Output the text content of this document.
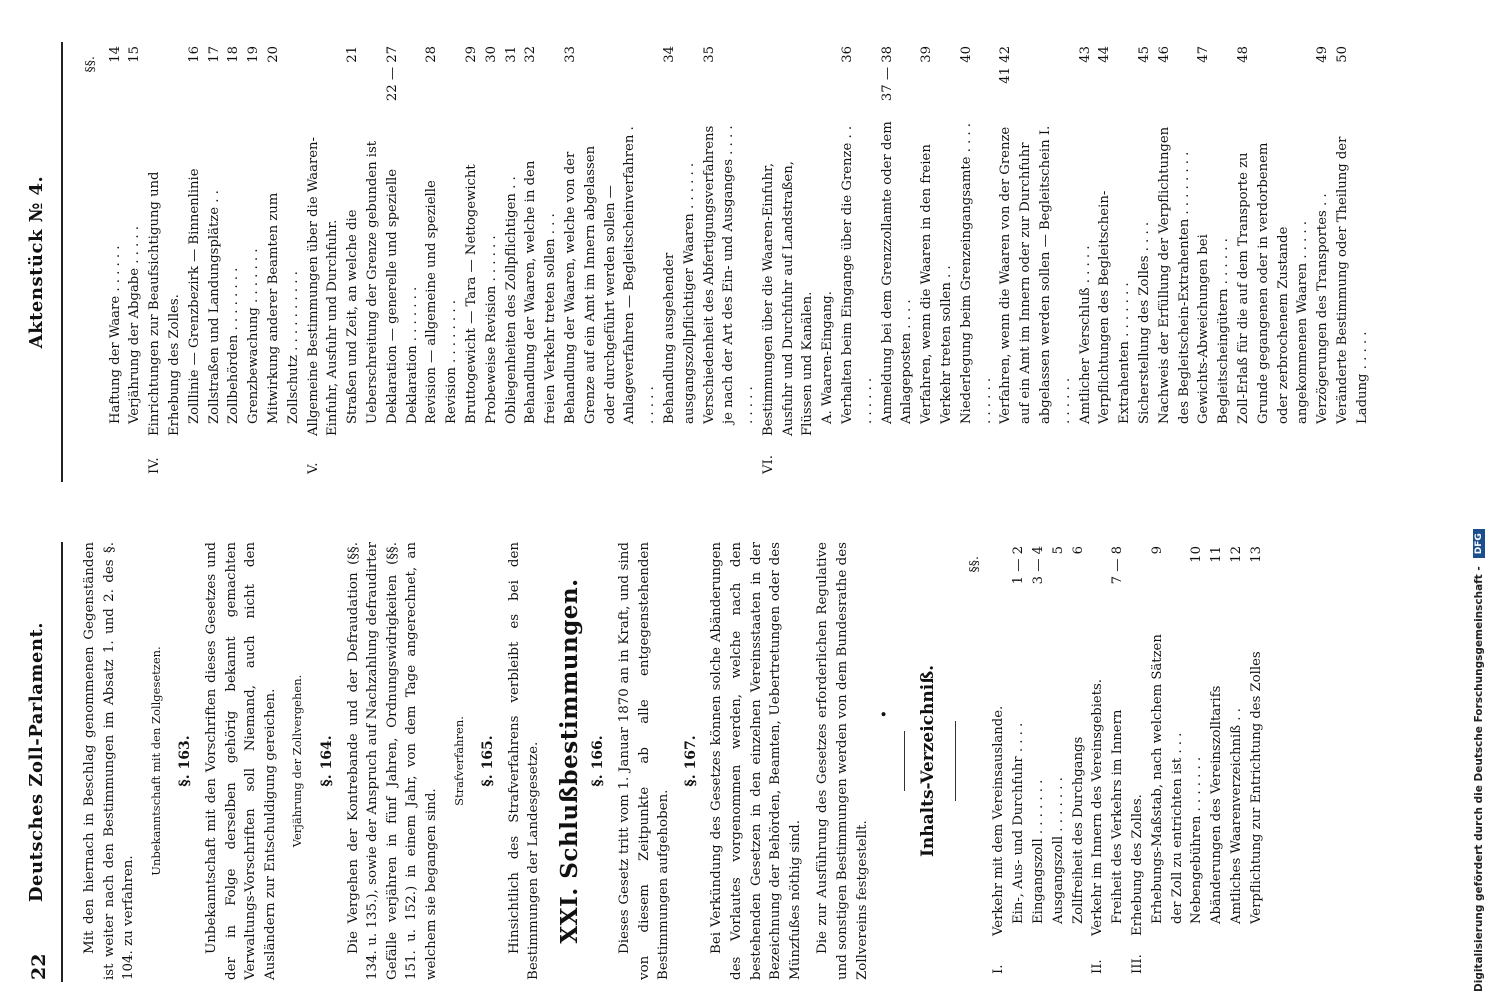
22
Deutsches Zoll-Parlament.	Mit den hiernach in Beschlag genommenen Gegenständen ist weiter nach den Bestimmungen im Absatz 1. und 2. des §. 104. zu verfahren.

Unbekanntschaft mit den Zollgesetzen. §. 163. Unbekanntschaft mit den Vorschriften dieses Gesetzes und der in Folge derselben gehörig bekannt gemachten Verwaltungs-Vorschriften soll Niemand, auch nicht den Ausländern zur Entschuldigung gereichen. Verjährung der Zollvergehen. §. 164. Die Vergehen der Kontrebande und der Defraudation (§§. 134. u. 135.), sowie der Anspruch auf Nachzahlung defraudirter Gefälle verjähren in fünf Jahren, Ordnungswidrigkeiten (§§. 151. u. 152.) in einem Jahr, von dem Tage angerechnet, an welchem sie begangen sind.

Strafverfahren. §. 165. Hinsichtlich des Strafverfahrens verbleibt es bei den Bestimmungen der Landesgesetze. XXI. Schlußbestimmungen. §. 166. Dieses Gesetz tritt vom 1. Januar 1870 an in Kraft, und sind von diesem Zeitpunkte ab alle entgegenstehenden Bestimmungen aufgehoben.

§. 167. Bei Verkündung des Gesetzes können solche Abänderungen des Vorlautes vorgenommen werden, welche nach den bestehenden Gesetzen in den einzelnen Vereinsstaaten in der Bezeichnung der Behörden, Beamten, Uebertretungen oder des Münzfußes nöthig sind. Die zur Ausführung des Gesetzes erforderlichen Regulative und sonstigen Bestimmungen werden von dem Bundesrathe des Zollvereins festgestellt.

• Inhalts-Verzeichniß.
§§.
I.
Verkehr mit dem Vereinsauslande. Ein-, Aus- und Durchfuhr . . . .
1 — 2
Eingangszoll . . . . . . .
3 — 4
Ausgangszoll . . . . . . .
5
Zollfreiheit des Durchgangs
6
II.
Verkehr im Innern des Vereinsgebiets. Freiheit des Verkehrs im Innern
7 — 8
III.
Erhebung des Zolles. Erhebungs-Maßstab, nach welchem Sätzen der Zoll zu entrichten ist . . .
9
Nebengebühren . . . . . . .
10
Abänderungen des Vereinszolltarifs
11
Amtliches Waarenverzeichniß . .
12
Verpflichtung zur Entrichtung des Zolles
13
Aktenstück № 4.
§§.
Haftung der Waare . . . . . .
14
Verjährung der Abgabe . . . . .
15
IV.
Einrichtungen zur Beaufsichtigung und Erhebung des Zolles. Zolllinie — Grenzbezirk — Binnenlinie
16
Zollstraßen und Landungsplätze . .
17
Zollbehörden . . . . . . . .
18
Grenzbewachung . . . . . . .
19
Mitwirkung anderer Beamten zum Zollschutz . . . . . . . . . .
20
V.
Allgemeine Bestimmungen über die Waaren-Einfuhr, Ausfuhr und Durchfuhr. Straßen und Zeit, an welche die Ueberschreitung der Grenze gebunden ist
21
Deklaration — generelle und spezielle Deklaration . . . . . . .
22 — 27
Revision — allgemeine und spezielle Revision . . . . . . . .
28
Bruttogewicht — Tara — Nettogewicht
29
Probeweise Revision . . . . . .
30
Obliegenheiten des Zollpflichtigen . .
31
Behandlung der Waaren, welche in den freien Verkehr treten sollen . . .
32
Behandlung der Waaren, welche von der Grenze auf ein Amt im Innern abgelassen oder durchgeführt werden sollen — Anlageverfahren — Begleitscheinverfahren . . . . . .
33
Behandlung ausgehender ausgangszollpflichtiger Waaren . . . . . .
34
Verschiedenheit des Abfertigungsverfahrens je nach der Art des Ein- und Ausganges . . . . . . . . .
35
VI.
Bestimmungen über die Waaren-Einfuhr, Ausfuhr und Durchfuhr auf Landstraßen, Flüssen und Kanälen. A. Waaren-Eingang. Verhalten beim Eingange über die Grenze . . . . . . . .
36
Anmeldung bei dem Grenzzollamte oder dem Anlageposten . . . .
37 — 38
Verfahren, wenn die Waaren in den freien Verkehr treten sollen . .
39
Niederlegung beim Grenzeingangsamte . . . . . . . . . .
40
Verfahren, wenn die Waaren von der Grenze auf ein Amt im Innern oder zur Durchfuhr abgelassen werden sollen — Begleitschein I. . . . . . .
41 42
Amtlicher Verschluß . . . . .
43
Verpflichtungen des Begleitschein-Extrahenten . . . . . . .
44
Sicherstellung des Zolles . . . .
45
Nachweis der Erfüllung der Verpflichtungen des Begleitschein-Extrahenten . . . . . . . .
46
Gewichts-Abweichungen bei Begleitscheingütern . . . . . .
47
Zoll-Erlaß für die auf dem Transporte zu Grunde gegangenen oder in verdorbenem oder zerbrochenem Zustande angekommenen Waaren . . . . .
48
Verzögerungen des Transportes . .
49
Veränderte Bestimmung oder Theilung der Ladung . . . . .
50
Digitalisierung gefördert durch die Deutsche Forschungsgemeinschaft -
DFG
